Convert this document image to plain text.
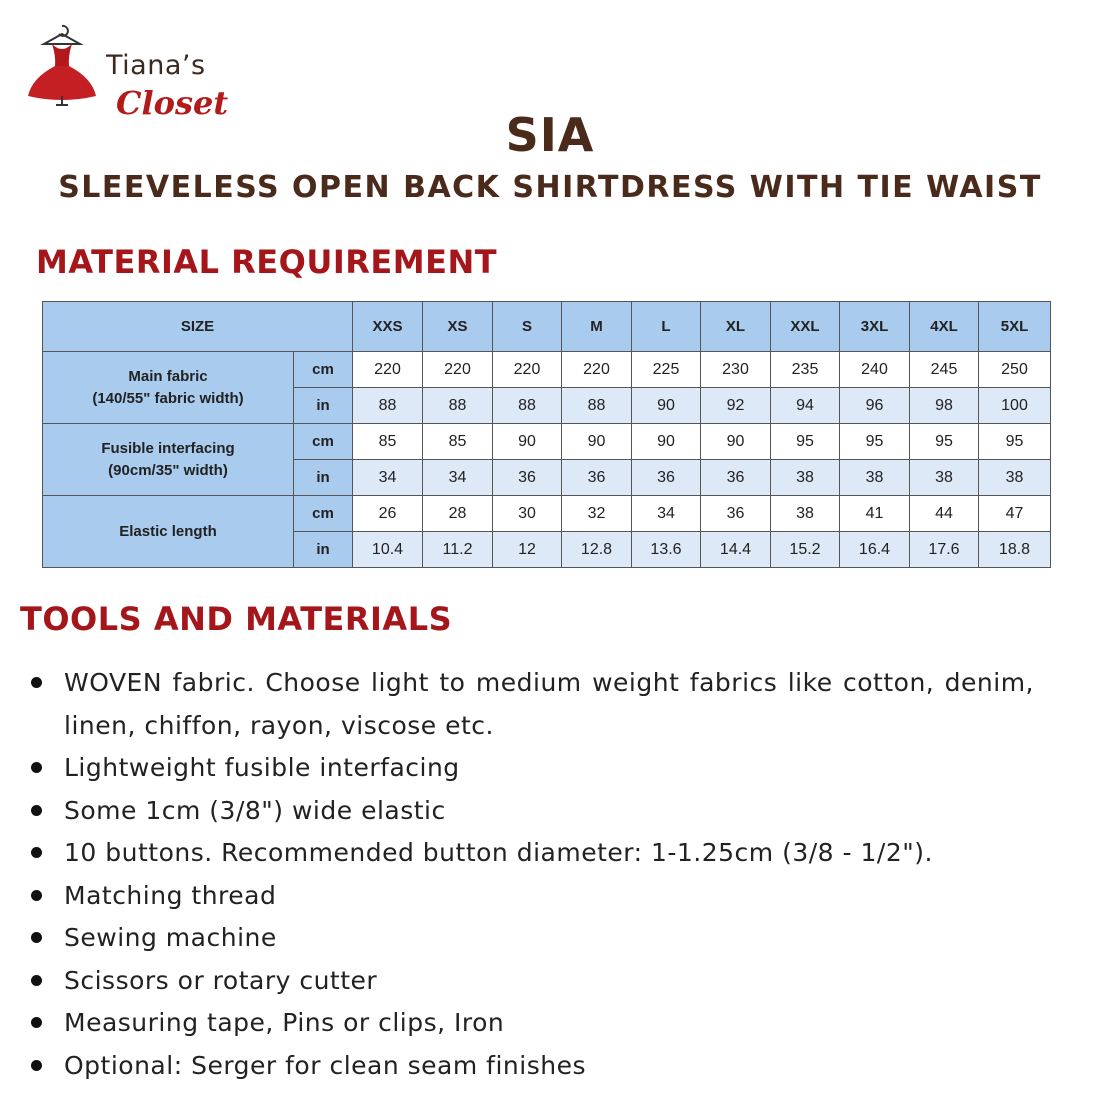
Tiana’s
Closet
SIA
SLEEVELESS OPEN BACK SHIRTDRESS WITH TIE WAIST
MATERIAL REQUIREMENT
SIZE		XXS	XS	S	M	L	XL	XXL	3XL	4XL	5XL

Main fabric
(140/55" fabric width)	cm	220	220	220	220	225	230	235	240	245	250
	in	88	88	88	88	90	92	94	96	98	100

Fusible interfacing
(90cm/35" width)	cm	85	85	90	90	90	90	95	95	95	95
	in	34	34	36	36	36	36	38	38	38	38

Elastic length	cm	26	28	30	32	34	36	38	41	44	47
	in	10.4	11.2	12	12.8	13.6	14.4	15.2	16.4	17.6	18.8
TOOLS AND MATERIALS
WOVEN fabric. Choose light to medium weight fabrics like cotton, denim, linen, chiffon, rayon, viscose etc.
Lightweight fusible interfacing
Some 1cm (3/8") wide elastic
10 buttons. Recommended button diameter: 1-1.25cm (3/8 - 1/2").
Matching thread
Sewing machine
Scissors or rotary cutter
Measuring tape, Pins or clips, Iron
Optional: Serger for clean seam finishes
